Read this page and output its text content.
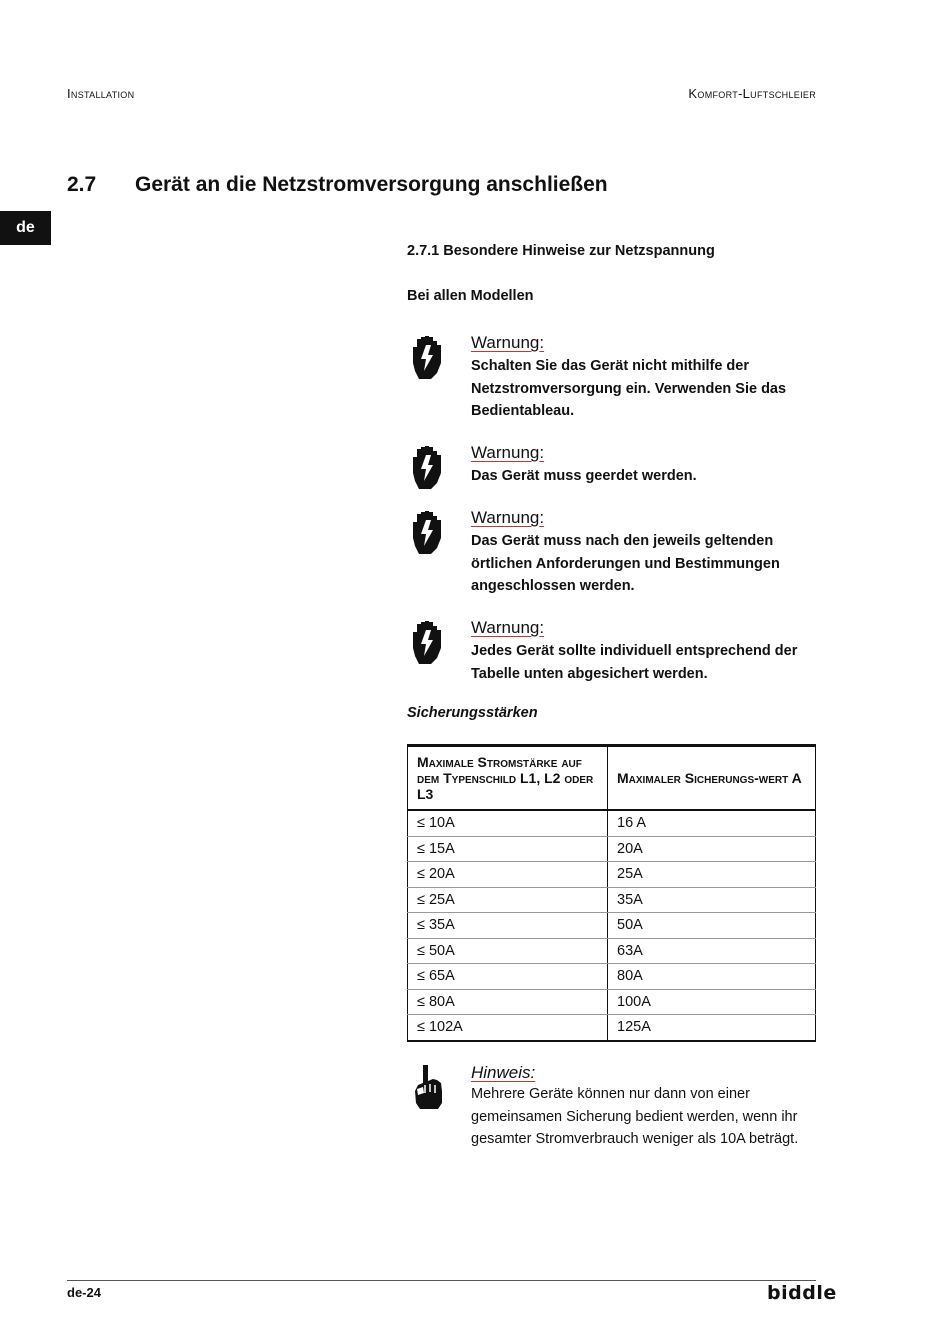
Installation	Komfort-Luftschleier
2.7 Gerät an die Netzstromversorgung anschließen
de
2.7.1 Besondere Hinweise zur Netzspannung
Bei allen Modellen
Warnung:
Schalten Sie das Gerät nicht mithilfe der Netzstromversorgung ein. Verwenden Sie das Bedientableau.
Warnung:
Das Gerät muss geerdet werden.
Warnung:
Das Gerät muss nach den jeweils geltenden örtlichen Anforderungen und Bestimmungen angeschlossen werden.
Warnung:
Jedes Gerät sollte individuell entsprechend der Tabelle unten abgesichert werden.
Sicherungsstärken
Maximale Stromstärke auf dem Typenschild L1, L2 oder L3	Maximaler Sicherungs-wert A
≤ 10A	16 A
≤ 15A	20A
≤ 20A	25A
≤ 25A	35A
≤ 35A	50A
≤ 50A	63A
≤ 65A	80A
≤ 80A	100A
≤ 102A	125A
Hinweis:
Mehrere Geräte können nur dann von einer gemeinsamen Sicherung bedient werden, wenn ihr gesamter Stromverbrauch weniger als 10A beträgt.
de-24	biddle
